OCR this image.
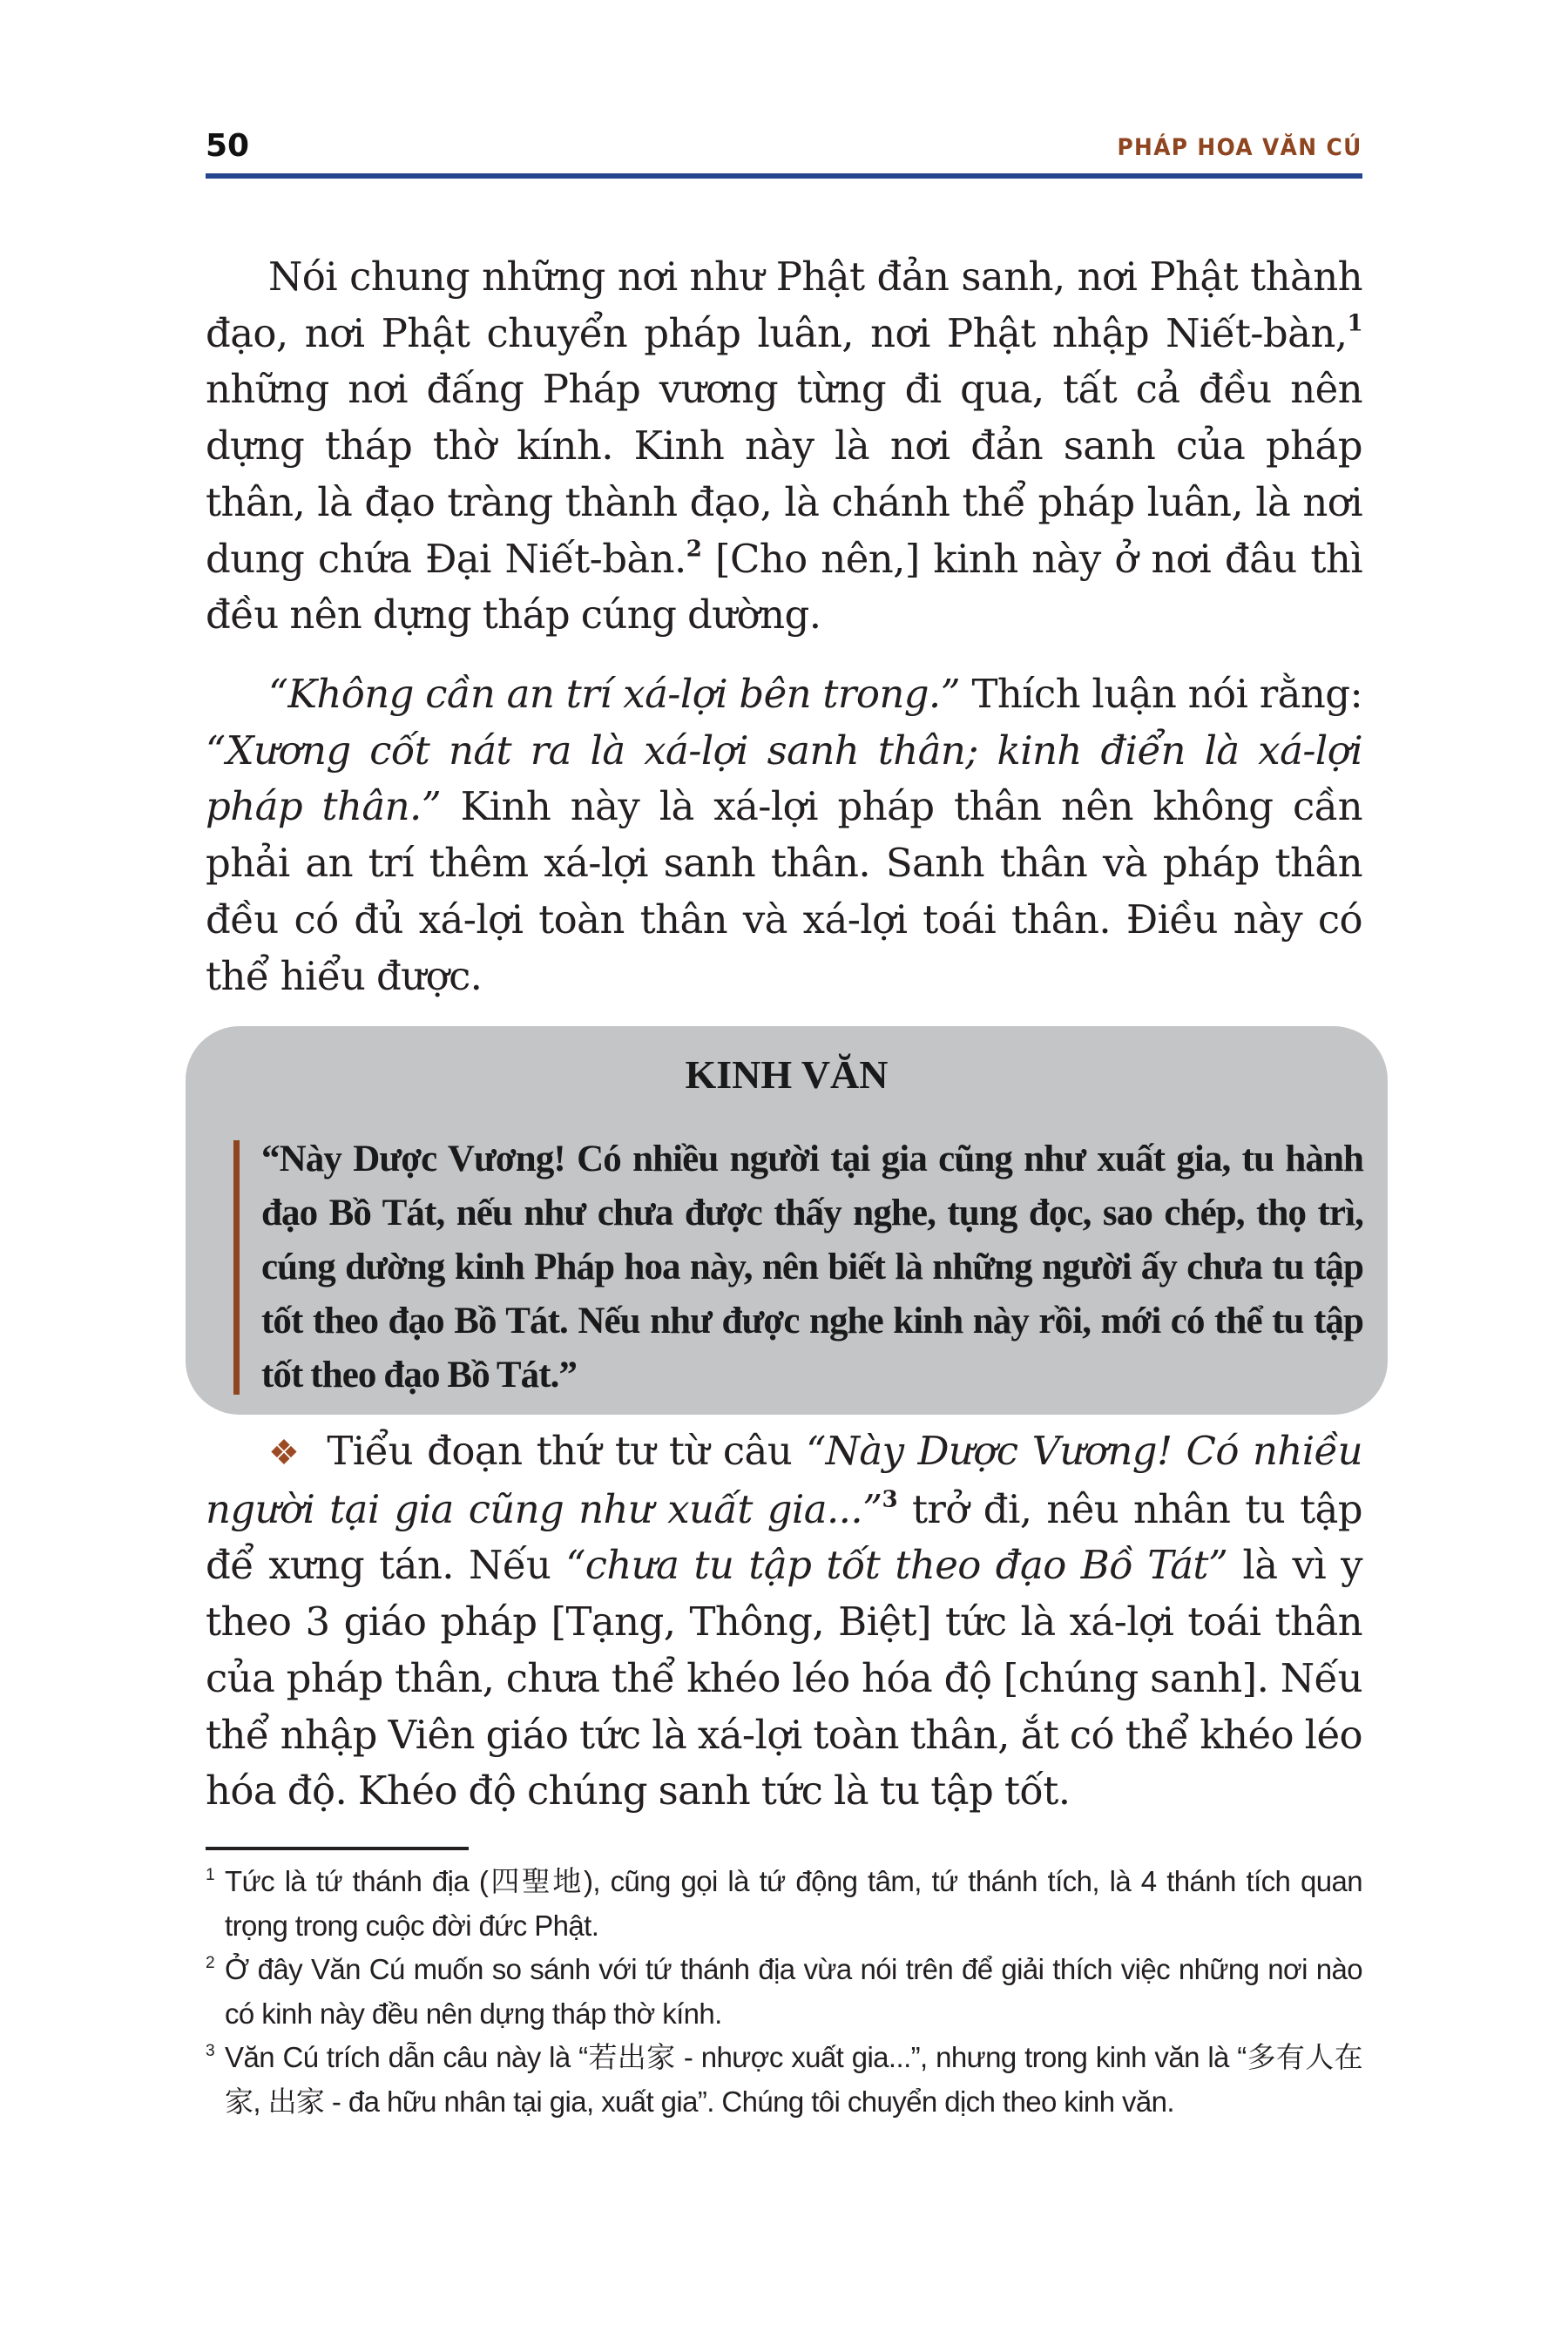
50	PHÁP HOA VĂN CÚ

Nói chung những nơi như Phật đản sanh, nơi Phật thành đạo, nơi Phật chuyển pháp luân, nơi Phật nhập Niết-bàn,$^1$ những nơi đấng Pháp vương từng đi qua, tất cả đều nên dựng tháp thờ kính. Kinh này là nơi đản sanh của pháp thân, là đạo tràng thành đạo, là chánh thể pháp luân, là nơi dung chứa Đại Niết-bàn.$^2$ [Cho nên,] kinh này ở nơi đâu thì đều nên dựng tháp cúng dường.

“Không cần an trí xá-lợi bên trong.” Thích luận nói rằng: “Xương cốt nát ra là xá-lợi sanh thân; kinh điển là xá-lợi pháp thân.” Kinh này là xá-lợi pháp thân nên không cần phải an trí thêm xá-lợi sanh thân. Sanh thân và pháp thân đều có đủ xá-lợi toàn thân và xá-lợi toái thân. Điều này có thể hiểu được.

KINH VĂN

“Này Dược Vương! Có nhiều người tại gia cũng như xuất gia, tu hành đạo Bồ Tát, nếu như chưa được thấy nghe, tụng đọc, sao chép, thọ trì, cúng dường kinh Pháp hoa này, nên biết là những người ấy chưa tu tập tốt theo đạo Bồ Tát. Nếu như được nghe kinh này rồi, mới có thể tu tập tốt theo đạo Bồ Tát.”

❖ Tiểu đoạn thứ tư từ câu “Này Dược Vương! Có nhiều người tại gia cũng như xuất gia...”$^3$ trở đi, nêu nhân tu tập để xưng tán. Nếu “chưa tu tập tốt theo đạo Bồ Tát” là vì y theo 3 giáo pháp [Tạng, Thông, Biệt] tức là xá-lợi toái thân của pháp thân, chưa thể khéo léo hóa độ [chúng sanh]. Nếu thể nhập Viên giáo tức là xá-lợi toàn thân, ắt có thể khéo léo hóa độ. Khéo độ chúng sanh tức là tu tập tốt.

$^1$ Tức là tứ thánh địa (四聖地), cũng gọi là tứ động tâm, tứ thánh tích, là 4 thánh tích quan trọng trong cuộc đời đức Phật.

$^2$ Ở đây Văn Cú muốn so sánh với tứ thánh địa vừa nói trên để giải thích việc những nơi nào có kinh này đều nên dựng tháp thờ kính.

$^3$ Văn Cú trích dẫn câu này là “若出家 - nhược xuất gia...”, nhưng trong kinh văn là “多有人在家, 出家 - đa hữu nhân tại gia, xuất gia”. Chúng tôi chuyển dịch theo kinh văn.
